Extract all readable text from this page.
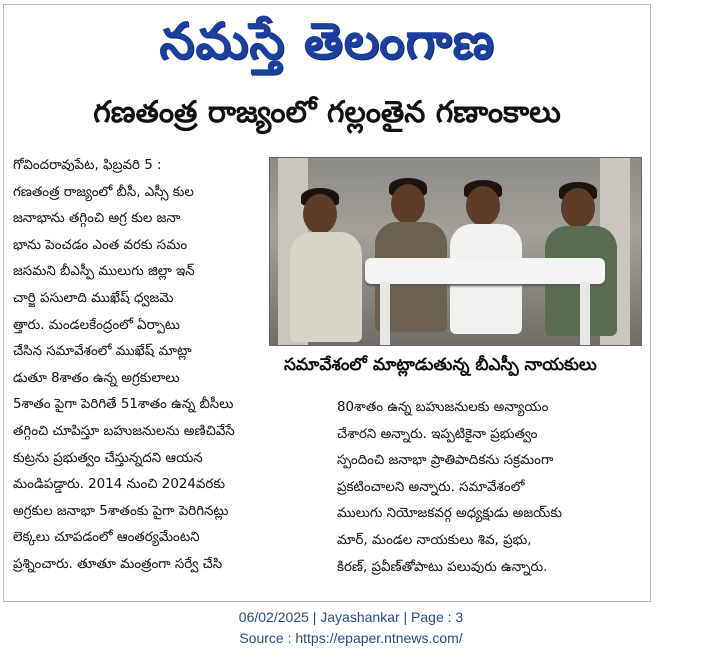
నమస్తే తెలంగాణ
గణతంత్ర రాజ్యంలో గల్లంతైన గణాంకాలు
గోవిందరావుపేట, ఫిబ్రవరి 5 :
గణతంత్ర రాజ్యంలో బీసీ, ఎస్సీ కుల
జనాభాను తగ్గించి అగ్ర కుల జనా
భాను పెంచడం ఎంత వరకు సమం
జసమని బీఎస్పీ ములుగు జిల్లా ఇన్
చార్జి పసులాది ముఖేష్ ధ్వజమె
త్తారు. మండలకేంద్రంలో ఏర్పాటు
చేసిన సమావేశంలో ముఖేష్ మాట్లా
డుతూ 8శాతం ఉన్న అగ్రకులాలు
5శాతం పైగా పెరిగితే 51శాతం ఉన్న బీసీలు
తగ్గించి చూపిస్తూ బహుజనులను అణిచివేసే
కుట్రను ప్రభుత్వం చేస్తున్నదని ఆయన
మండిపడ్డారు. 2014 నుంచి 2024వరకు
అగ్రకుల జనాభా 5శాతంకు పైగా పెరిగినట్లు
లెక్కలు చూపడంలో ఆంతర్యమేంటని
ప్రశ్నించారు. తూతూ మంత్రంగా సర్వే చేసి
సమావేశంలో మాట్లాడుతున్న బీఎస్పీ నాయకులు
80శాతం ఉన్న బహుజనులకు అన్యాయం
చేశారని అన్నారు. ఇప్పటికైనా ప్రభుత్వం
స్పందించి జనాభా ప్రాతిపాదికను సక్రమంగా
ప్రకటించాలని అన్నారు. సమావేశంలో
ములుగు నియోజకవర్గ అధ్యక్షుడు అజయ్‌కు
మార్, మండల నాయకులు శివ, ప్రభు,
కిరణ్, ప్రవీణ్‌తోపాటు పలువురు ఉన్నారు.
06/02/2025 | Jayashankar | Page : 3
Source : https://epaper.ntnews.com/
